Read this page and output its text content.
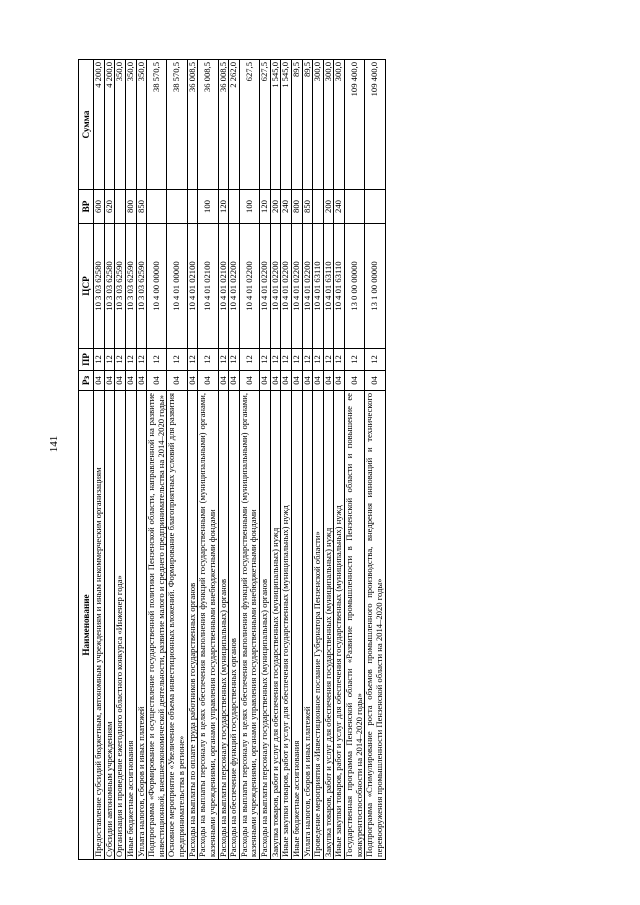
141
Наименование	Рз	ПР	ЦСР	ВР	Сумма
Предоставление субсидий бюджетным, автономным учреждениям и иным некоммерческим организациям	04	12	10 3 03 62580	600	4 200,0
Субсидии автономным учреждениям	04	12	10 3 03 62580	620	4 200,0
Организация и проведение ежегодного областного конкурса «Инженер года»	04	12	10 3 03 62590		350,0
Иные бюджетные ассигнования	04	12	10 3 03 62590	800	350,0
Уплата налогов, сборов и иных платежей	04	12	10 3 03 62590	850	350,0
Подпрограмма «Формирование и осуществление государственной политики Пензенской области, направленной на развитие инвестиционной, внешнеэкономической деятельности, развитие малого и среднего предпринимательства на 2014–2020 годы»	04	12	10 4 00 00000		38 570,5
Основное мероприятие «Увеличение объема инвестиционных вложений. Формирование благоприятных условий для развития предпринимательства в регионе»	04	12	10 4 01 00000		38 570,5
Расходы на выплаты по оплате труда работников государственных органов	04	12	10 4 01 02100		36 008,5
Расходы на выплаты персоналу в целях обеспечения выполнения функций государственными (муниципальными) органами, казенными учреждениями, органами управления государственными внебюджетными фондами	04	12	10 4 01 02100	100	36 008,5
Расходы на выплаты персоналу государственных (муниципальных) органов	04	12	10 4 01 02100	120	36 008,5
Расходы на обеспечение функций государственных органов	04	12	10 4 01 02200		2 262,0
Расходы на выплаты персоналу в целях обеспечения выполнения функций государственными (муниципальными) органами, казенными учреждениями, органами управления государственными внебюджетными фондами	04	12	10 4 01 02200	100	627,5
Расходы на выплаты персоналу государственных (муниципальных) органов	04	12	10 4 01 02200	120	627,5
Закупка товаров, работ и услуг для обеспечения государственных (муниципальных) нужд	04	12	10 4 01 02200	200	1 545,0
Иные закупки товаров, работ и услуг для обеспечения государственных (муниципальных) нужд	04	12	10 4 01 02200	240	1 545,0
Иные бюджетные ассигнования	04	12	10 4 01 02200	800	89,5
Уплата налогов, сборов и иных платежей	04	12	10 4 01 02200	850	89,5
Проведение мероприятия «Инвестиционное послание Губернатора Пензенской области»	04	12	10 4 01 63110		300,0
Закупка товаров, работ и услуг для обеспечения государственных (муниципальных) нужд	04	12	10 4 01 63110	200	300,0
Иные закупки товаров, работ и услуг для обеспечения государственных (муниципальных) нужд	04	12	10 4 01 63110	240	300,0
Государственная программа Пензенской области «Развитие промышленности в Пензенской области и повышение ее конкурентоспособности на 2014–2020 годы»	04	12	13 0 00 00000		109 400,0
Подпрограмма «Стимулирование роста объемов промышленного производства, внедрения инноваций и технического перевооружения промышленности Пензенской области на 2014–2020 годы»	04	12	13 1 00 00000		109 400,0
